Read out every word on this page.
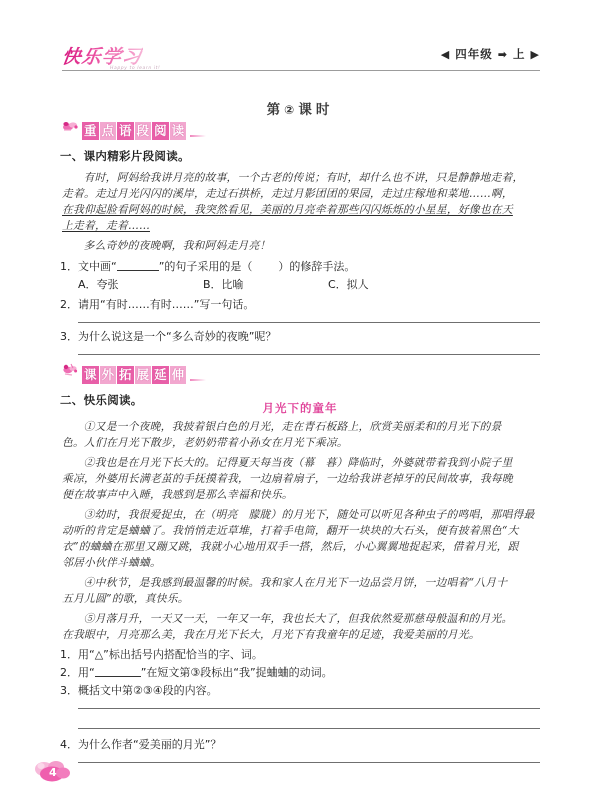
快乐学习
Happy to learn it!
◀ 四年级 ➡ 上 ▶
第②课时
重 点 语 段 阅 读
一、课内精彩片段阅读。
有时，阿妈给我讲月亮的故事，一个古老的传说；有时，却什么也不讲，只是静静地走着，
走着。走过月光闪闪的溪岸，走过石拱桥，走过月影团团的果园，走过庄稼地和菜地……啊，
在我仰起脸看阿妈的时候，我突然看见，美丽的月亮牵着那些闪闪烁烁的小星星，好像也在天
上走着，走着……
多么奇妙的夜晚啊，我和阿妈走月亮！
1．文中画“	”的句子采用的是（ ）的修辞手法。
A．夸张	B．比喻	C．拟人
2．请用“有时……有时……”写一句话。
3．为什么说这是一个“多么奇妙的夜晚”呢？
课 外 拓 展 延 伸
二、快乐阅读。
月光下的童年
①又是一个夜晚，我披着银白色的月光，走在青石板路上，欣赏美丽柔和的月光下的景
色。人们在月光下散步，老奶奶带着小孙女在月光下乘凉。
②我也是在月光下长大的。记得夏天每当夜（幕　暮）降临时，外婆就带着我到小院子里
乘凉，外婆用长满老茧的手抚摸着我，一边扇着扇子，一边给我讲老掉牙的民间故事，我每晚
便在故事声中入睡，我感到是那么幸福和快乐。
③幼时，我很爱捉虫，在（明亮　朦胧）的月光下，随处可以听见各种虫子的鸣唱，那唱得最
动听的肯定是蛐蛐了。我悄悄走近草堆，打着手电筒，翻开一块块的大石头，便有披着黑色“大
衣”的蛐蛐在那里又蹦又跳，我就小心地用双手一搭，然后，小心翼翼地捉起来，借着月光，跟
邻居小伙伴斗蛐蛐。
④中秋节，是我感到最温馨的时候。我和家人在月光下一边品尝月饼，一边唱着“八月十
五月儿圆”的歌，真快乐。
⑤月落月升，一天又一天，一年又一年，我也长大了，但我依然爱那慈母般温和的月光。
在我眼中，月亮那么美，我在月光下长大，月光下有我童年的足迹，我爱美丽的月光。
1．用“△”标出括号内搭配恰当的字、词。
2．用“	”在短文第③段标出“我”捉蛐蛐的动词。
3．概括文中第②③④段的内容。
4．为什么作者“爱美丽的月光”？
4
